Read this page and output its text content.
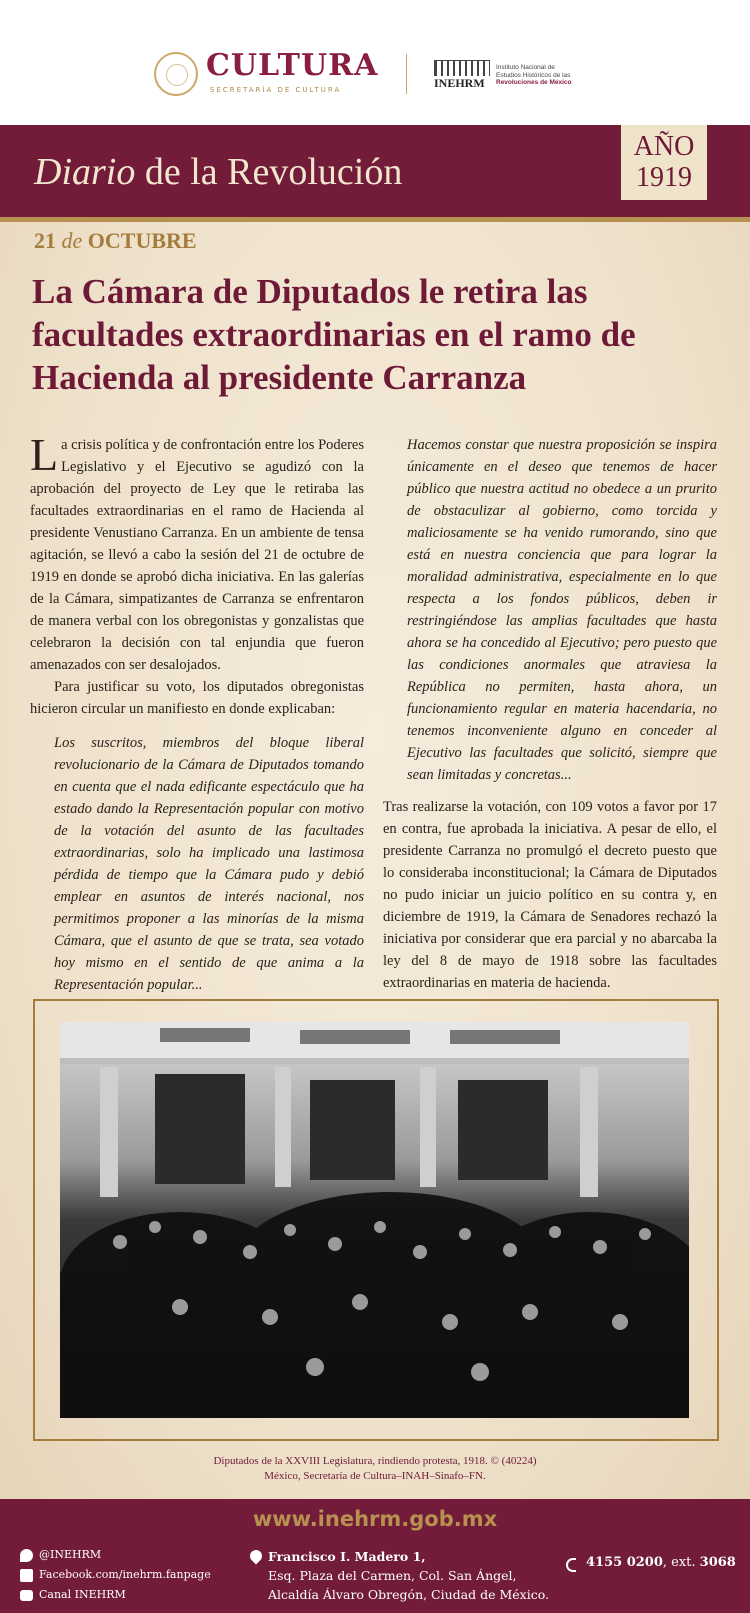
CULTURA
SECRETARÍA DE CULTURA	INEHRM
Instituto Nacional de
Estudios Históricos de las
Revoluciones de México
Diario de la Revolución
AÑO
1919
21 de OCTUBRE
La Cámara de Diputados le retira las facultades extraordinarias en el ramo de Hacienda al presidente Carranza

La crisis política y de confrontación entre los Poderes Legislativo y el Ejecutivo se agudizó con la aprobación del proyecto de Ley que le retiraba las facultades extraordinarias en el ramo de Hacienda al presidente Venustiano Carranza. En un ambiente de tensa agitación, se llevó a cabo la sesión del 21 de octubre de 1919 en donde se aprobó dicha iniciativa. En las galerías de la Cámara, simpatizantes de Carranza se enfrentaron de manera verbal con los obregonistas y gonzalistas que celebraron la decisión con tal enjundia que fueron amenazados con ser desalojados.

Para justificar su voto, los diputados obregonistas hicieron circular un manifiesto en donde explicaban:

Los suscritos, miembros del bloque liberal revolucionario de la Cámara de Diputados tomando en cuenta que el nada edificante espectáculo que ha estado dando la Representación popular con motivo de la votación del asunto de las facultades extraordinarias, solo ha implicado una lastimosa pérdida de tiempo que la Cámara pudo y debió emplear en asuntos de interés nacional, nos permitimos proponer a las minorías de la misma Cámara, que el asunto de que se trata, sea votado hoy mismo en el sentido de que anima a la Representación popular...

Hacemos constar que nuestra proposición se inspira únicamente en el deseo que tenemos de hacer público que nuestra actitud no obedece a un prurito de obstaculizar al gobierno, como torcida y maliciosamente se ha venido rumorando, sino que está en nuestra conciencia que para lograr la moralidad administrativa, especialmente en lo que respecta a los fondos públicos, deben ir restringiéndose las amplias facultades que hasta ahora se ha concedido al Ejecutivo; pero puesto que las condiciones anormales que atraviesa la República no permiten, hasta ahora, un funcionamiento regular en materia hacendaria, no tenemos inconveniente alguno en conceder al Ejecutivo las facultades que solicitó, siempre que sean limitadas y concretas...

Tras realizarse la votación, con 109 votos a favor por 17 en contra, fue aprobada la iniciativa. A pesar de ello, el presidente Carranza no promulgó el decreto puesto que lo consideraba inconstitucional; la Cámara de Diputados no pudo iniciar un juicio político en su contra y, en diciembre de 1919, la Cámara de Senadores rechazó la iniciativa por considerar que era parcial y no abarcaba la ley del 8 de mayo de 1918 sobre las facultades extraordinarias en materia de hacienda.

Diputados de la XXVIII Legislatura, rindiendo protesta, 1918. © (40224)
México, Secretaría de Cultura–INAH–Sinafo–FN.
www.inehrm.gob.mx
@INEHRM
Facebook.com/inehrm.fanpage
Canal INEHRM
Francisco I. Madero 1,
Esq. Plaza del Carmen, Col. San Ángel,
Alcaldía Álvaro Obregón, Ciudad de México.
4155 0200, ext. 3068
